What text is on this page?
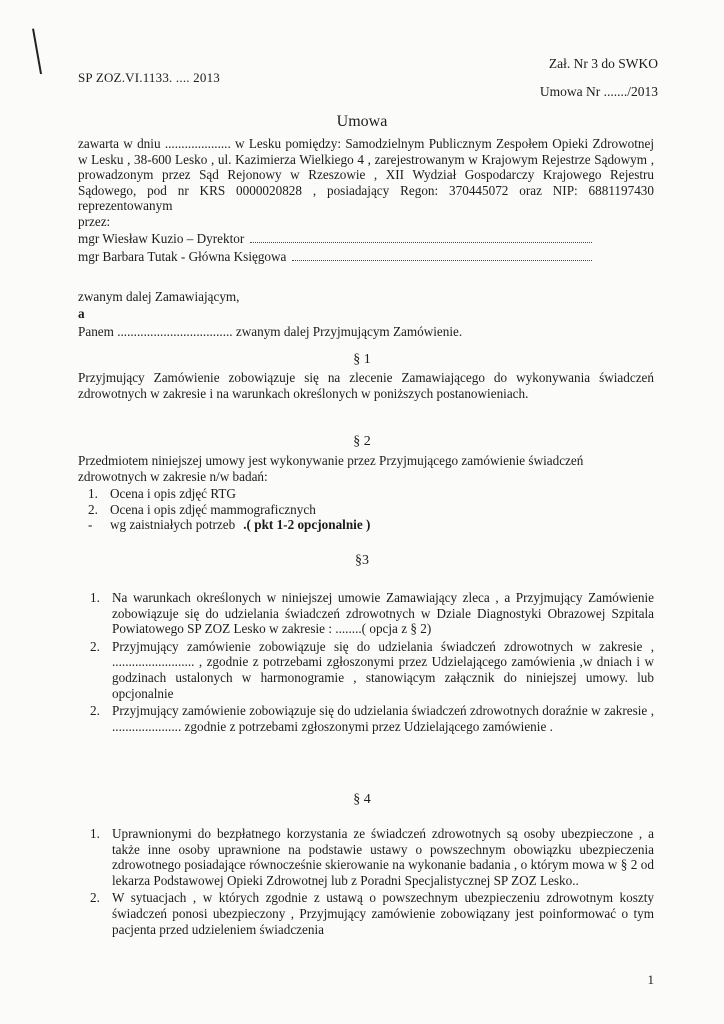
SP ZOZ.VI.1133. .... 2013
Zał. Nr 3 do SWKO
Umowa Nr ......./2013
Umowa
zawarta w dniu .................... w Lesku pomiędzy: Samodzielnym Publicznym Zespołem Opieki Zdrowotnej w Lesku , 38-600 Lesko , ul. Kazimierza Wielkiego 4 , zarejestrowanym w Krajowym Rejestrze Sądowym , prowadzonym przez Sąd Rejonowy w Rzeszowie , XII Wydział Gospodarczy Krajowego Rejestru Sądowego, pod nr KRS 0000020828 , posiadający Regon: 370445072 oraz NIP: 6881197430 reprezentowanym
przez:
mgr Wiesław Kuzio – Dyrektor
mgr Barbara Tutak - Główna Księgowa
zwanym dalej Zamawiającym,
a
Panem ................................... zwanym dalej Przyjmującym Zamówienie.
§ 1
Przyjmujący Zamówienie zobowiązuje się na zlecenie Zamawiającego do wykonywania świadczeń zdrowotnych w zakresie i na warunkach określonych w poniższych postanowieniach.
§ 2
Przedmiotem niniejszej umowy jest wykonywanie przez Przyjmującego zamówienie świadczeń zdrowotnych w zakresie n/w badań:
1. Ocena i opis zdjęć RTG
2. Ocena i opis zdjęć mammograficznych
-	wg zaistniałych potrzeb .( pkt 1-2 opcjonalnie )
§3
1. Na warunkach określonych w niniejszej umowie Zamawiający zleca , a Przyjmujący Zamówienie zobowiązuje się do udzielania świadczeń zdrowotnych w Dziale Diagnostyki Obrazowej Szpitala Powiatowego SP ZOZ Lesko w zakresie : ........( opcja z § 2)
2. Przyjmujący zamówienie zobowiązuje się do udzielania świadczeń zdrowotnych w zakresie , ......................... , zgodnie z potrzebami zgłoszonymi przez Udzielającego zamówienia ,w dniach i w godzinach ustalonych w harmonogramie , stanowiącym załącznik do niniejszej umowy. lub opcjonalnie
2. Przyjmujący zamówienie zobowiązuje się do udzielania świadczeń zdrowotnych doraźnie w zakresie , ..................... zgodnie z potrzebami zgłoszonymi przez Udzielającego zamówienie .
§ 4
1. Uprawnionymi do bezpłatnego korzystania ze świadczeń zdrowotnych są osoby ubezpieczone , a także inne osoby uprawnione na podstawie ustawy o powszechnym obowiązku ubezpieczenia zdrowotnego posiadające równocześnie skierowanie na wykonanie badania , o którym mowa w § 2 od lekarza Podstawowej Opieki Zdrowotnej lub z Poradni Specjalistycznej SP ZOZ Lesko..
2. W sytuacjach , w których zgodnie z ustawą o powszechnym ubezpieczeniu zdrowotnym koszty świadczeń ponosi ubezpieczony , Przyjmujący zamówienie zobowiązany jest poinformować o tym pacjenta przed udzieleniem świadczenia
1
